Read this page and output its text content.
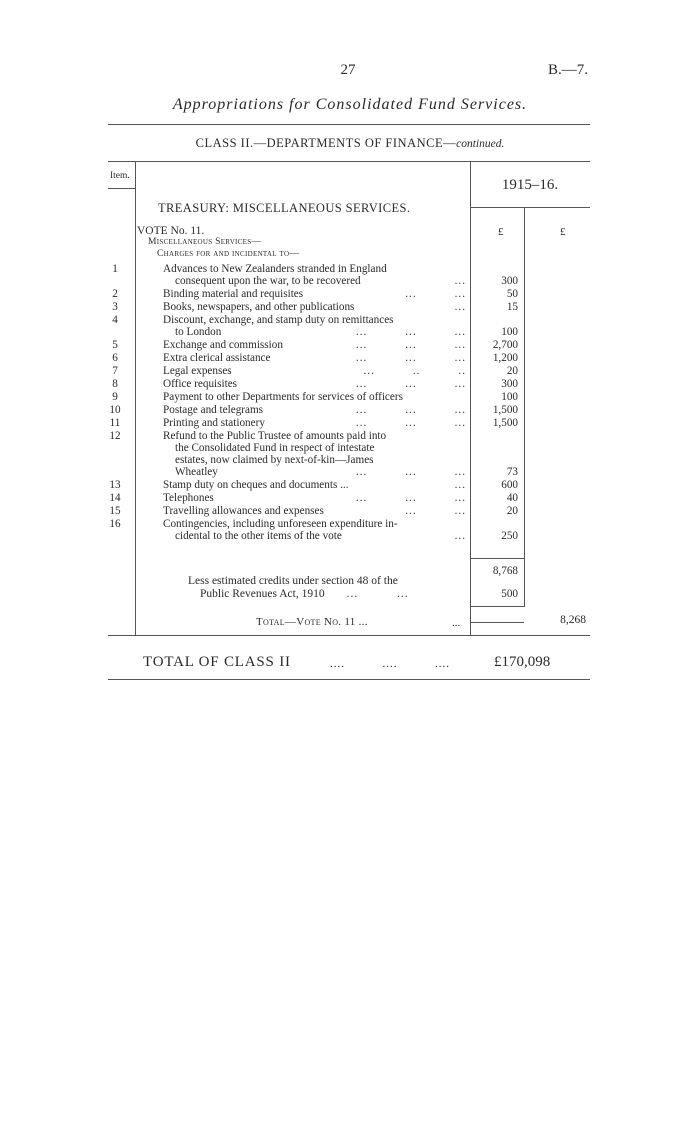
27	B.—7.
Appropriations for Consolidated Fund Services.
CLASS II.—DEPARTMENTS OF FINANCE—continued.
Item.
1915–16.
TREASURY: MISCELLANEOUS SERVICES.
VOTE No. 11.	£	£
Miscellaneous Services—
Charges for and incidental to—
1	Advances to New Zealanders stranded in England
consequent upon the war, to be recovered	...	300
2	Binding material and requisites	...          ...	50
3	Books, newspapers, and other publications	...	15
4	Discount, exchange, and stamp duty on remittances
to London	...          ...          ...	100
5	Exchange and commission	...          ...          ...	2,700
6	Extra clerical assistance	...          ...          ...	1,200
7	Legal expenses	...          ..          ..	20
8	Office requisites	...          ...          ...	300
9	Payment to other Departments for services of officers	100
10	Postage and telegrams	...          ...          ...	1,500
11	Printing and stationery	...          ...          ...	1,500
12	Refund to the Public Trustee of amounts paid into
the Consolidated Fund in respect of intestate
estates, now claimed by next-of-kin—James
Wheatley	...          ...          ...	73
13	Stamp duty on cheques and documents ...	...	600
14	Telephones	...          ...          ...	40
15	Travelling allowances and expenses	...          ...	20
16	Contingencies, including unforeseen expenditure in-
cidental to the other items of the vote	...	250
8,768
Less estimated credits under section 48 of the
Public Revenues Act, 1910 ...          ...	500
Total—Vote No. 11 ...	...	8,268
TOTAL OF CLASS II	....          ....          ....	£170,098
